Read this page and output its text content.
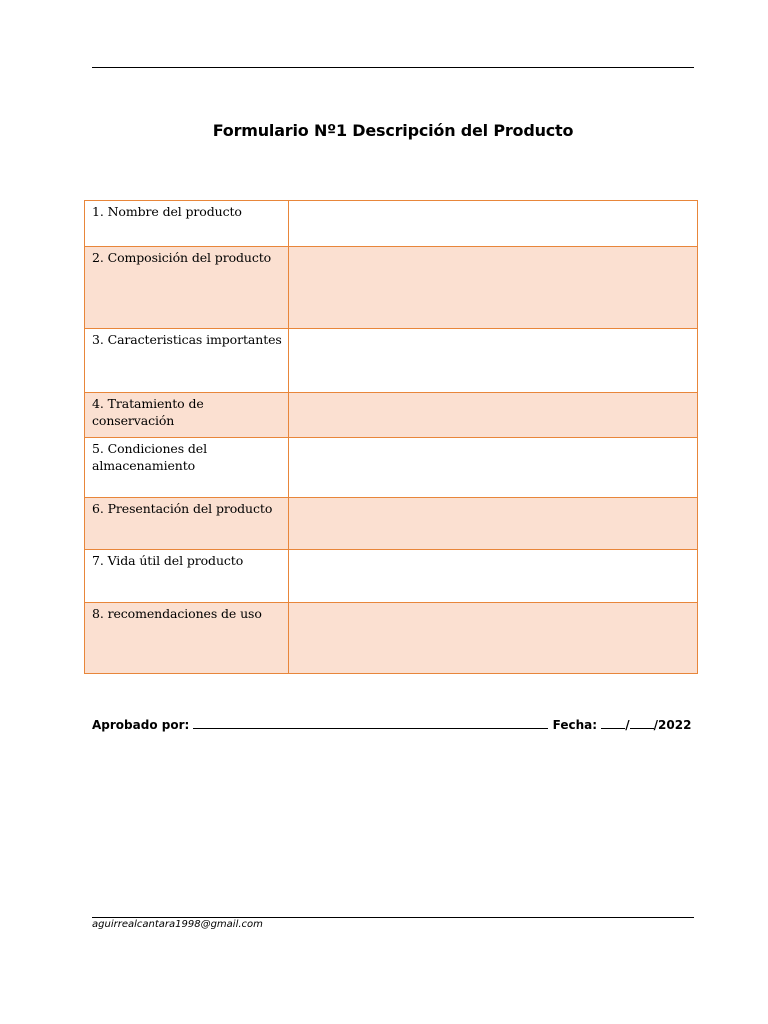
Formulario Nº1 Descripción del Producto
1. Nombre del producto	
2. Composición del producto	
3. Caracteristicas importantes	
4. Tratamiento de conservación	
5. Condiciones del almacenamiento	
6. Presentación del producto	
7. Vida útil del producto	
8. recomendaciones de uso	
Aprobado por:	Fecha: / /2022
aguirrealcantara1998@gmail.com
